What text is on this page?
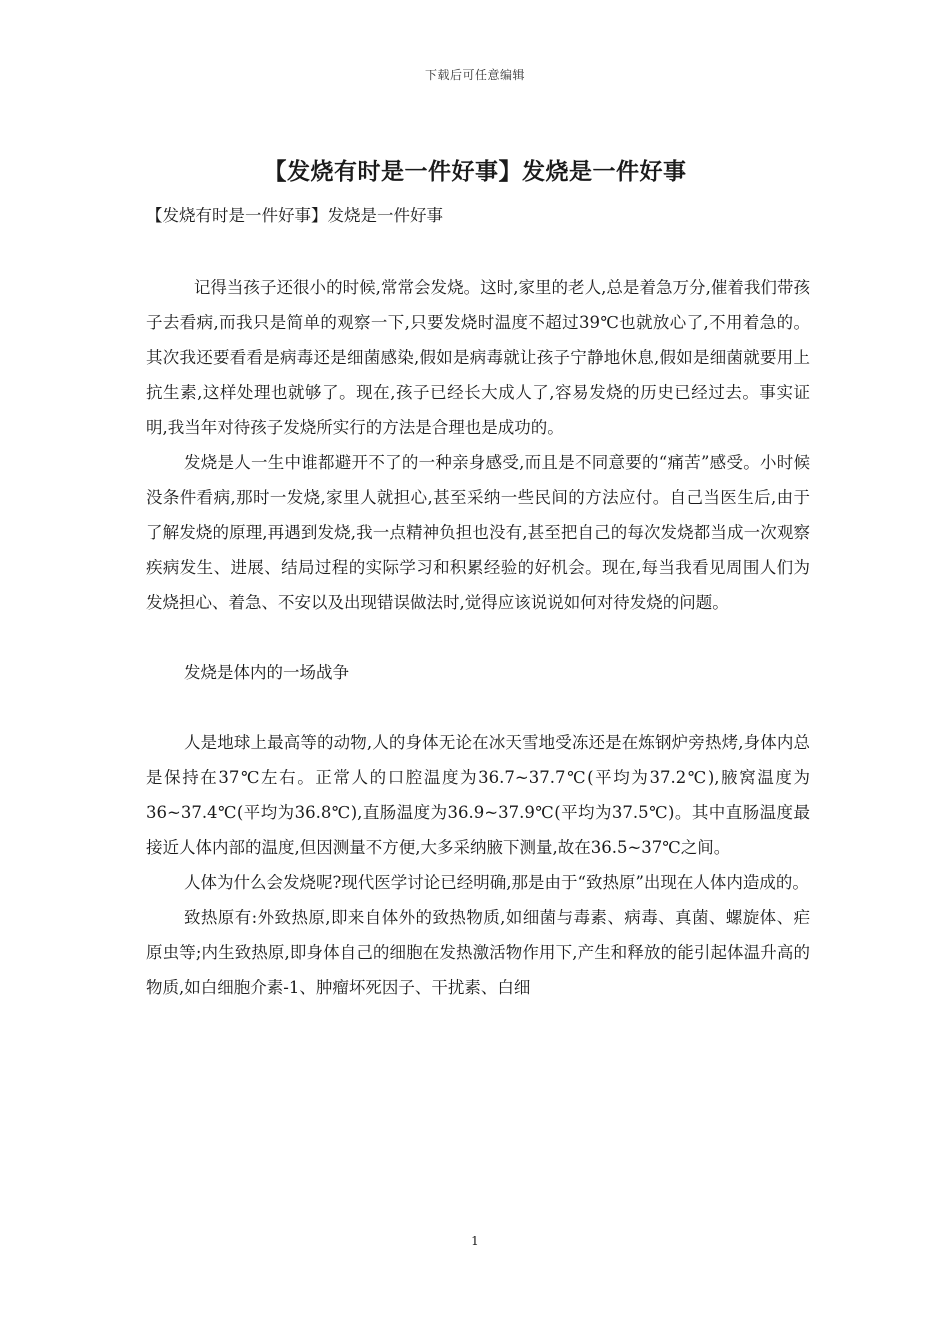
下载后可任意编辑
【发烧有时是一件好事】发烧是一件好事
【发烧有时是一件好事】发烧是一件好事

记得当孩子还很小的时候,常常会发烧。这时,家里的老人,总是着急万分,催着我们带孩子去看病,而我只是简单的观察一下,只要发烧时温度不超过39℃也就放心了,不用着急的。其次我还要看看是病毒还是细菌感染,假如是病毒就让孩子宁静地休息,假如是细菌就要用上抗生素,这样处理也就够了。现在,孩子已经长大成人了,容易发烧的历史已经过去。事实证明,我当年对待孩子发烧所实行的方法是合理也是成功的。

发烧是人一生中谁都避开不了的一种亲身感受,而且是不同意要的“痛苦”感受。小时候没条件看病,那时一发烧,家里人就担心,甚至采纳一些民间的方法应付。自己当医生后,由于了解发烧的原理,再遇到发烧,我一点精神负担也没有,甚至把自己的每次发烧都当成一次观察疾病发生、进展、结局过程的实际学习和积累经验的好机会。现在,每当我看见周围人们为发烧担心、着急、不安以及出现错误做法时,觉得应该说说如何对待发烧的问题。

发烧是体内的一场战争

人是地球上最高等的动物,人的身体无论在冰天雪地受冻还是在炼钢炉旁热烤,身体内总是保持在37℃左右。正常人的口腔温度为36.7~37.7℃(平均为37.2℃),腋窝温度为36~37.4℃(平均为36.8℃),直肠温度为36.9~37.9℃(平均为37.5℃)。其中直肠温度最接近人体内部的温度,但因测量不方便,大多采纳腋下测量,故在36.5~37℃之间。

人体为什么会发烧呢?现代医学讨论已经明确,那是由于“致热原”出现在人体内造成的。

致热原有:外致热原,即来自体外的致热物质,如细菌与毒素、病毒、真菌、螺旋体、疟原虫等;内生致热原,即身体自己的细胞在发热激活物作用下,产生和释放的能引起体温升高的物质,如白细胞介素-1、肿瘤坏死因子、干扰素、白细

1
